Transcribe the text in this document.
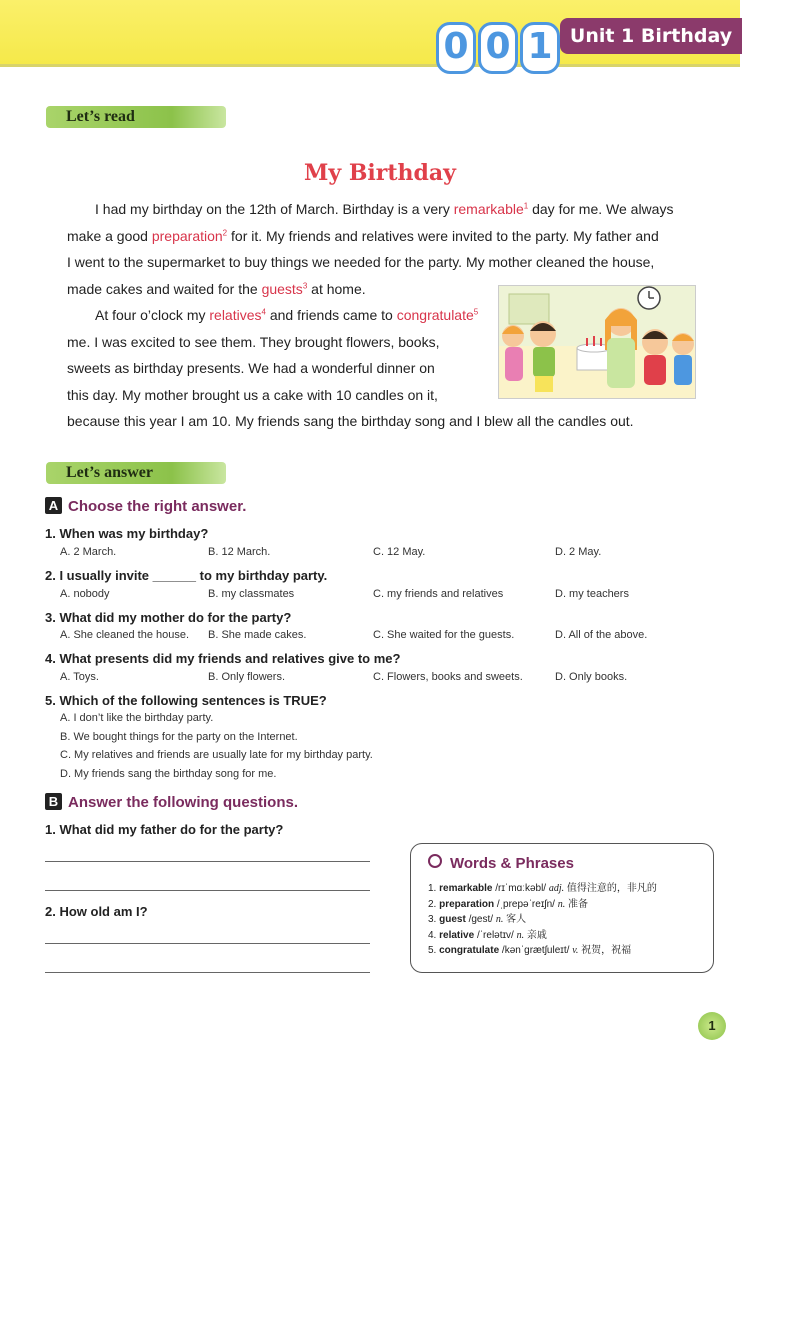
0 0 1 Unit 1 Birthday
Let’s read
My Birthday
I had my birthday on the 12th of March. Birthday is a very remarkable$^1$ day for me. We always
make a good preparation$^2$ for it. My friends and relatives were invited to the party. My father and
I went to the supermarket to buy things we needed for the party. My mother cleaned the house,
made cakes and waited for the guests$^3$ at home.
At four o’clock my relatives$^4$ and friends came to congratulate$^5$
me. I was excited to see them. They brought flowers, books,
sweets as birthday presents. We had a wonderful dinner on
this day. My mother brought us a cake with 10 candles on it,
because this year I am 10. My friends sang the birthday song and I blew all the candles out.
Let’s answer
A Choose the right answer.
1. When was my birthday?
A. 2 March.	B. 12 March.	C. 12 May.	D. 2 May.
2. I usually invite ______ to my birthday party.
A. nobody	B. my classmates	C. my friends and relatives	D. my teachers
3. What did my mother do for the party?
A. She cleaned the house. B. She made cakes.	C. She waited for the guests.	D. All of the above.
4. What presents did my friends and relatives give to me?
A. Toys.	B. Only flowers.	C. Flowers, books and sweets.	D. Only books.
5. Which of the following sentences is TRUE?
A. I don’t like the birthday party.
B. We bought things for the party on the Internet.
C. My relatives and friends are usually late for my birthday party.
D. My friends sang the birthday song for me.
B Answer the following questions.
1. What did my father do for the party?
2. How old am I?
Words & Phrases
1. remarkable /rɪˈmɑːkəbl/ adj. 值得注意的，非凡的
2. preparation /ˌprepəˈreɪʃn/ n. 准备
3. guest /gest/ n. 客人
4. relative /ˈrelətɪv/ n. 亲戚
5. congratulate /kənˈgrætʃuleɪt/ v. 祝贺，祝福
1
